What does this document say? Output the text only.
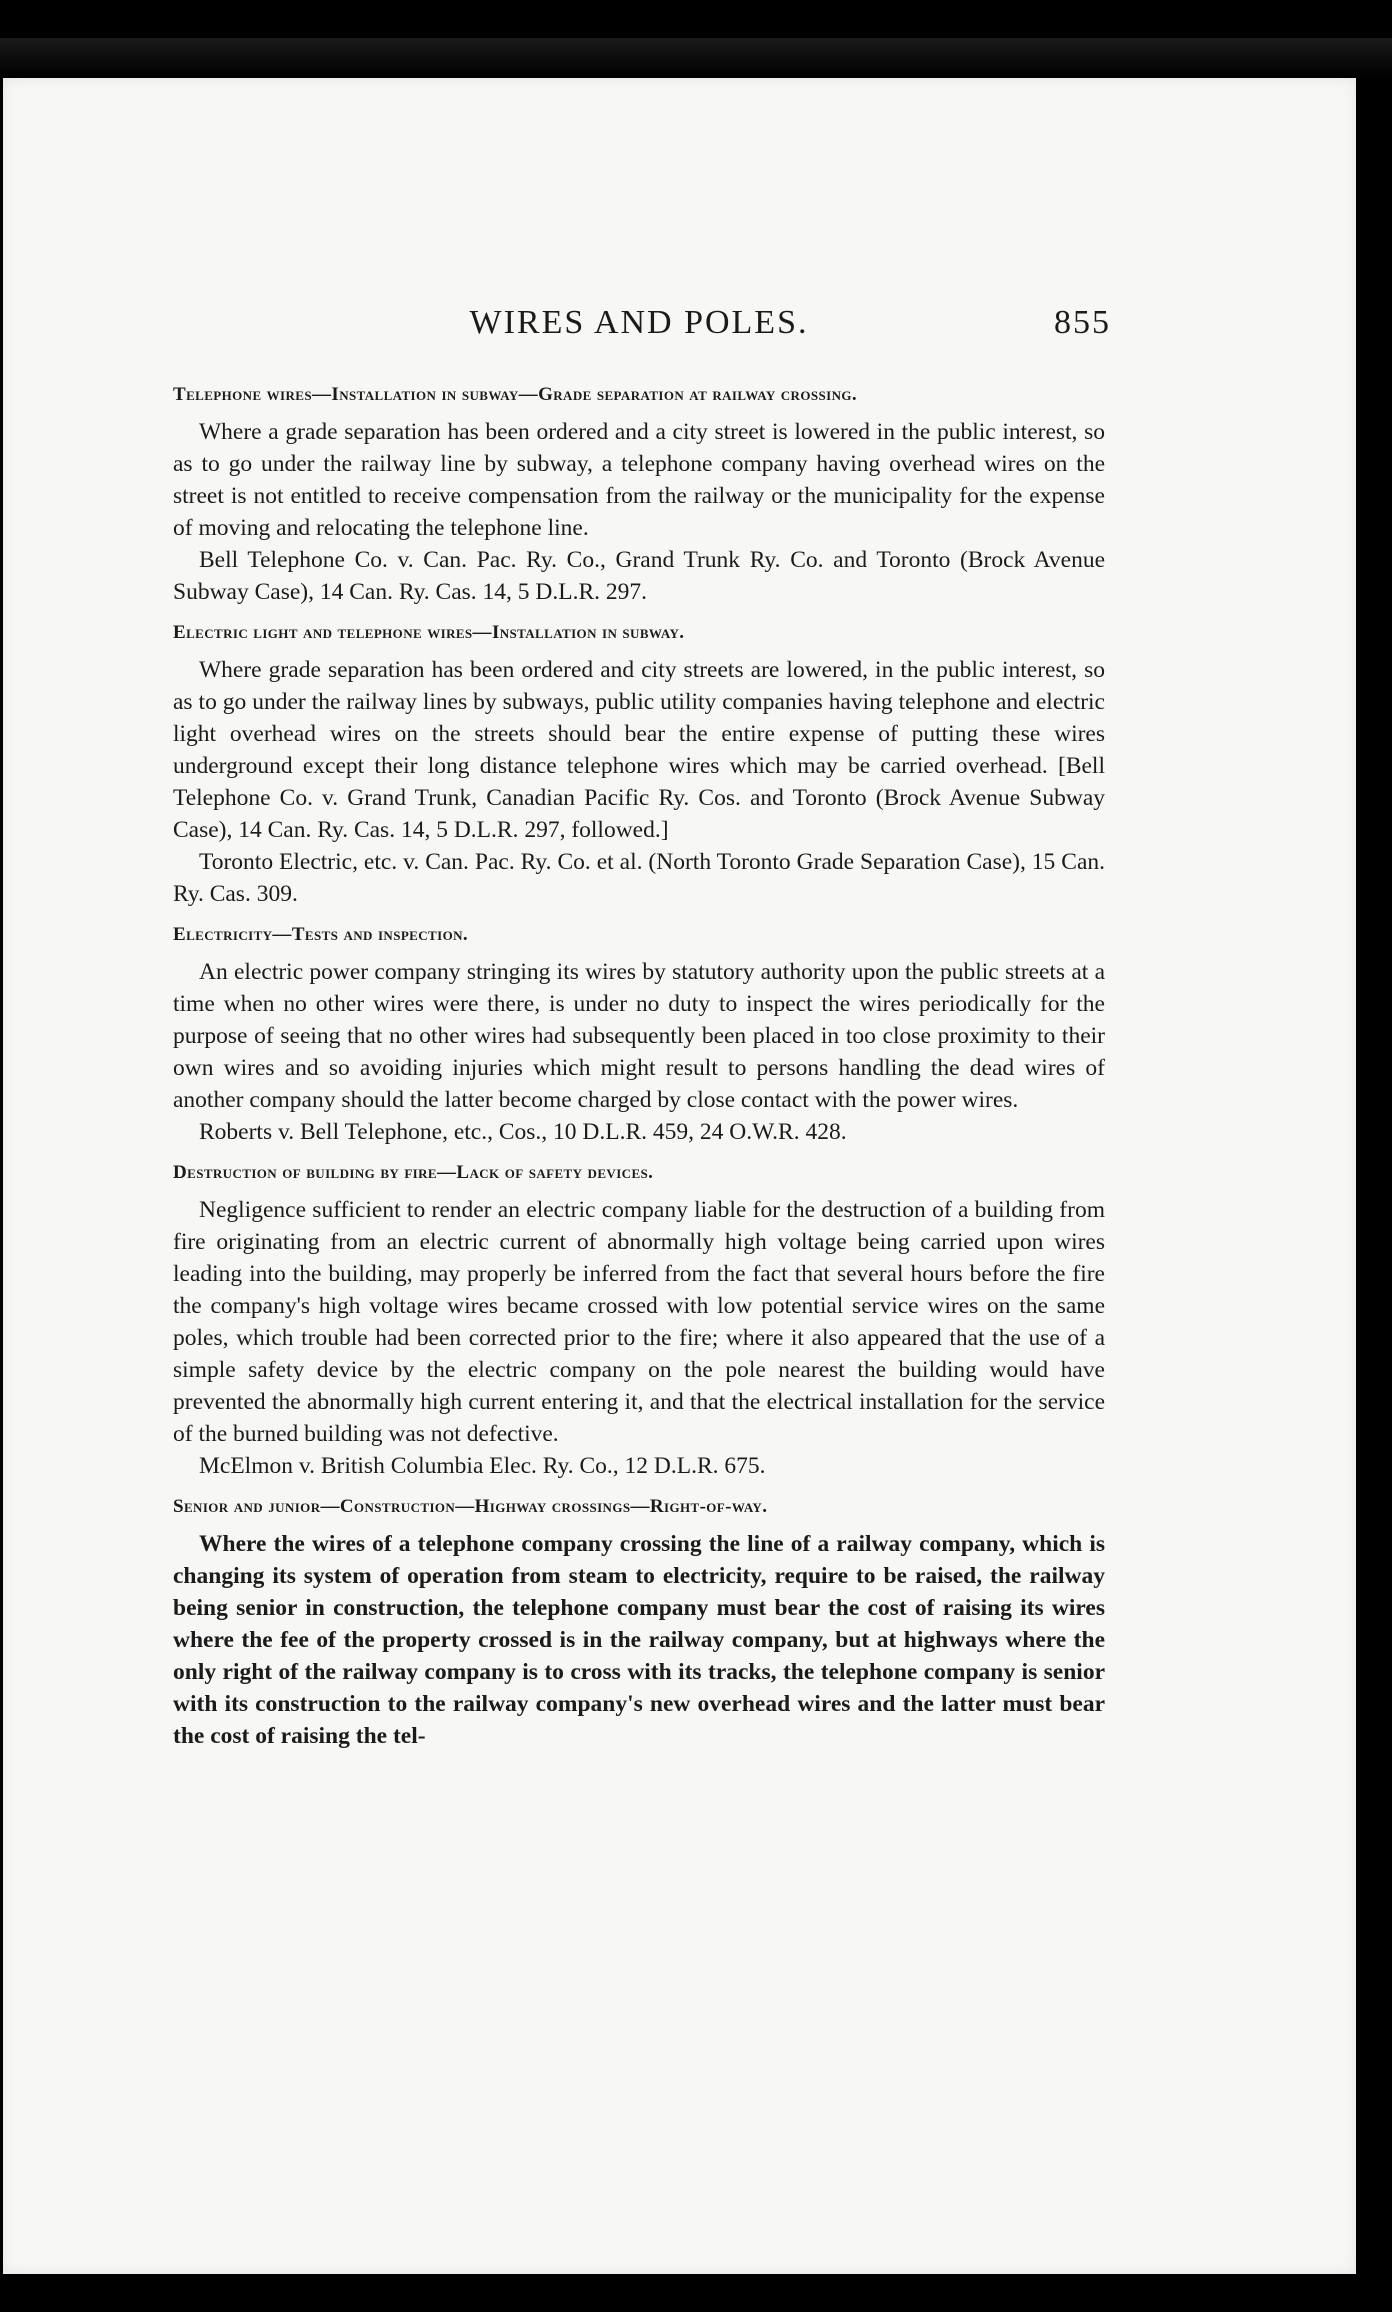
WIRES AND POLES.	855

Telephone wires—Installation in subway—Grade separation at railway crossing.

Where a grade separation has been ordered and a city street is lowered in the public interest, so as to go under the railway line by subway, a telephone company having overhead wires on the street is not entitled to receive compensation from the railway or the municipality for the expense of moving and relocating the telephone line.

Bell Telephone Co. v. Can. Pac. Ry. Co., Grand Trunk Ry. Co. and Toronto (Brock Avenue Subway Case), 14 Can. Ry. Cas. 14, 5 D.L.R. 297.

Electric light and telephone wires—Installation in subway.

Where grade separation has been ordered and city streets are lowered, in the public interest, so as to go under the railway lines by subways, public utility companies having telephone and electric light overhead wires on the streets should bear the entire expense of putting these wires underground except their long distance telephone wires which may be carried overhead. [Bell Telephone Co. v. Grand Trunk, Canadian Pacific Ry. Cos. and Toronto (Brock Avenue Subway Case), 14 Can. Ry. Cas. 14, 5 D.L.R. 297, followed.]

Toronto Electric, etc. v. Can. Pac. Ry. Co. et al. (North Toronto Grade Separation Case), 15 Can. Ry. Cas. 309.

Electricity—Tests and inspection.

An electric power company stringing its wires by statutory authority upon the public streets at a time when no other wires were there, is under no duty to inspect the wires periodically for the purpose of seeing that no other wires had subsequently been placed in too close proximity to their own wires and so avoiding injuries which might result to persons handling the dead wires of another company should the latter become charged by close contact with the power wires.

Roberts v. Bell Telephone, etc., Cos., 10 D.L.R. 459, 24 O.W.R. 428.

Destruction of building by fire—Lack of safety devices.

Negligence sufficient to render an electric company liable for the destruction of a building from fire originating from an electric current of abnormally high voltage being carried upon wires leading into the building, may properly be inferred from the fact that several hours before the fire the company's high voltage wires became crossed with low potential service wires on the same poles, which trouble had been corrected prior to the fire; where it also appeared that the use of a simple safety device by the electric company on the pole nearest the building would have prevented the abnormally high current entering it, and that the electrical installation for the service of the burned building was not defective.

McElmon v. British Columbia Elec. Ry. Co., 12 D.L.R. 675.

Senior and junior—Construction—Highway crossings—Right-of-way.

Where the wires of a telephone company crossing the line of a railway company, which is changing its system of operation from steam to electricity, require to be raised, the railway being senior in construction, the telephone company must bear the cost of raising its wires where the fee of the property crossed is in the railway company, but at highways where the only right of the railway company is to cross with its tracks, the telephone company is senior with its construction to the railway company's new overhead wires and the latter must bear the cost of raising the tel-
